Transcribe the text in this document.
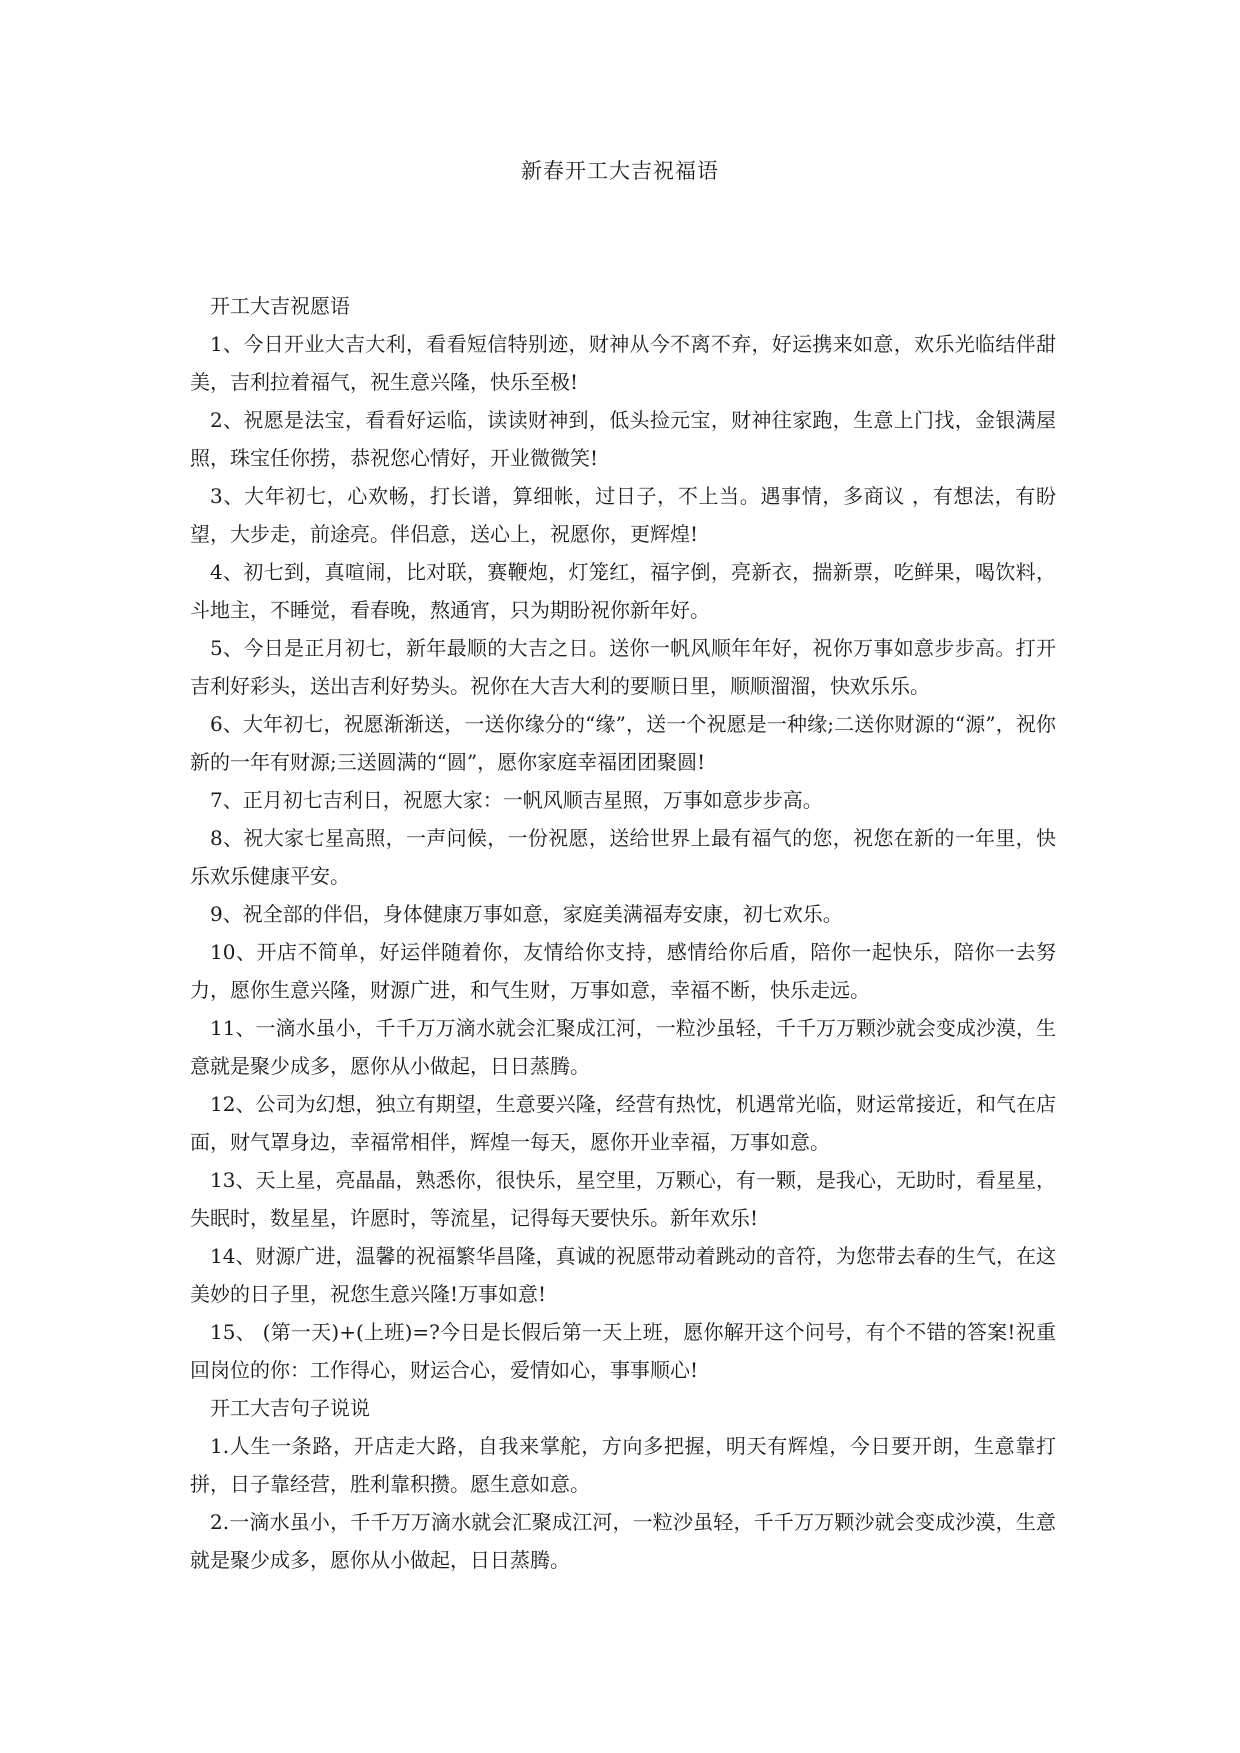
新春开工大吉祝福语

开工大吉祝愿语

1、今日开业大吉大利，看看短信特别迹，财神从今不离不弃，好运携来如意，欢乐光临结伴甜美，吉利拉着福气，祝生意兴隆，快乐至极!

2、祝愿是法宝，看看好运临，读读财神到，低头捡元宝，财神往家跑，生意上门找，金银满屋照，珠宝任你捞，恭祝您心情好，开业微微笑!

3、大年初七，心欢畅，打长谱，算细帐，过日子，不上当。遇事情，多商议 ，有想法，有盼望，大步走，前途亮。伴侣意，送心上，祝愿你，更辉煌!

4、初七到，真喧闹，比对联，赛鞭炮，灯笼红，福字倒，亮新衣，揣新票，吃鲜果，喝饮料，斗地主，不睡觉，看春晚，熬通宵，只为期盼祝你新年好。

5、今日是正月初七，新年最顺的大吉之日。送你一帆风顺年年好，祝你万事如意步步高。打开吉利好彩头，送出吉利好势头。祝你在大吉大利的要顺日里，顺顺溜溜，快欢乐乐。

6、大年初七，祝愿渐渐送，一送你缘分的“缘”，送一个祝愿是一种缘;二送你财源的“源”，祝你新的一年有财源;三送圆满的“圆”，愿你家庭幸福团团聚圆!

7、正月初七吉利日，祝愿大家：一帆风顺吉星照，万事如意步步高。

8、祝大家七星高照，一声问候，一份祝愿，送给世界上最有福气的您，祝您在新的一年里，快乐欢乐健康平安。

9、祝全部的伴侣，身体健康万事如意，家庭美满福寿安康，初七欢乐。

10、开店不简单，好运伴随着你，友情给你支持，感情给你后盾，陪你一起快乐，陪你一去努力，愿你生意兴隆，财源广进，和气生财，万事如意，幸福不断，快乐走远。

11、一滴水虽小，千千万万滴水就会汇聚成江河，一粒沙虽轻，千千万万颗沙就会变成沙漠，生意就是聚少成多，愿你从小做起，日日蒸腾。

12、公司为幻想，独立有期望，生意要兴隆，经营有热忱，机遇常光临，财运常接近，和气在店面，财气罩身边，幸福常相伴，辉煌一每天，愿你开业幸福，万事如意。

13、天上星，亮晶晶，熟悉你，很快乐，星空里，万颗心，有一颗，是我心，无助时，看星星，失眠时，数星星，许愿时，等流星，记得每天要快乐。新年欢乐!

14、财源广进，温馨的祝福繁华昌隆，真诚的祝愿带动着跳动的音符，为您带去春的生气，在这美妙的日子里，祝您生意兴隆!万事如意!

15、 (第一天)+(上班)=?今日是长假后第一天上班，愿你解开这个问号，有个不错的答案!祝重回岗位的你：工作得心，财运合心，爱情如心，事事顺心!

开工大吉句子说说

1.人生一条路，开店走大路，自我来掌舵，方向多把握，明天有辉煌，今日要开朗，生意靠打拼，日子靠经营，胜利靠积攒。愿生意如意。

2.一滴水虽小，千千万万滴水就会汇聚成江河，一粒沙虽轻，千千万万颗沙就会变成沙漠，生意就是聚少成多，愿你从小做起，日日蒸腾。
